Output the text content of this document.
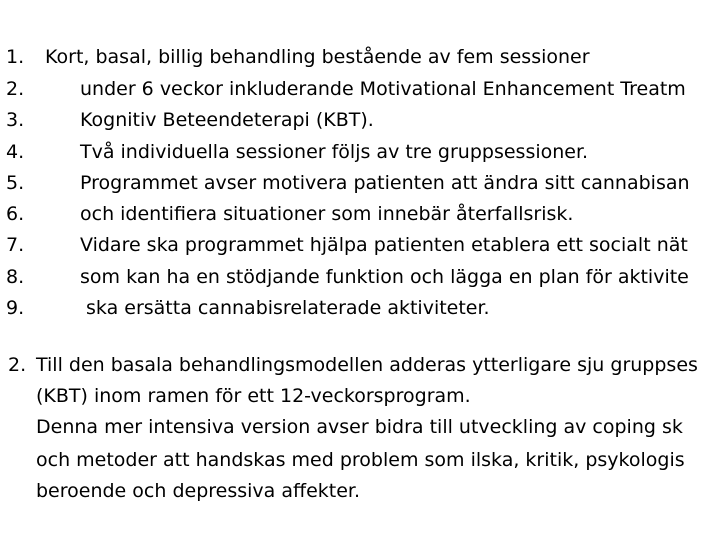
1. Kort, basal, billig behandling bestående av fem sessioner
2.	under 6 veckor inkluderande Motivational Enhancement Treatm
3.	Kognitiv Beteendeterapi (KBT).
4.	Två individuella sessioner följs av tre gruppsessioner.
5.	Programmet avser motivera patienten att ändra sitt cannabisan
6.	och identifiera situationer som innebär återfallsrisk.
7.	Vidare ska programmet hjälpa patienten etablera ett socialt nät
8.	som kan ha en stödjande funktion och lägga en plan för aktivite
9.	ska ersätta cannabisrelaterade aktiviteter.
2. Till den basala behandlingsmodellen adderas ytterligare sju gruppses
(KBT) inom ramen för ett 12-veckorsprogram.
Denna mer intensiva version avser bidra till utveckling av coping sk
och metoder att handskas med problem som ilska, kritik, psykologis
beroende och depressiva affekter.
